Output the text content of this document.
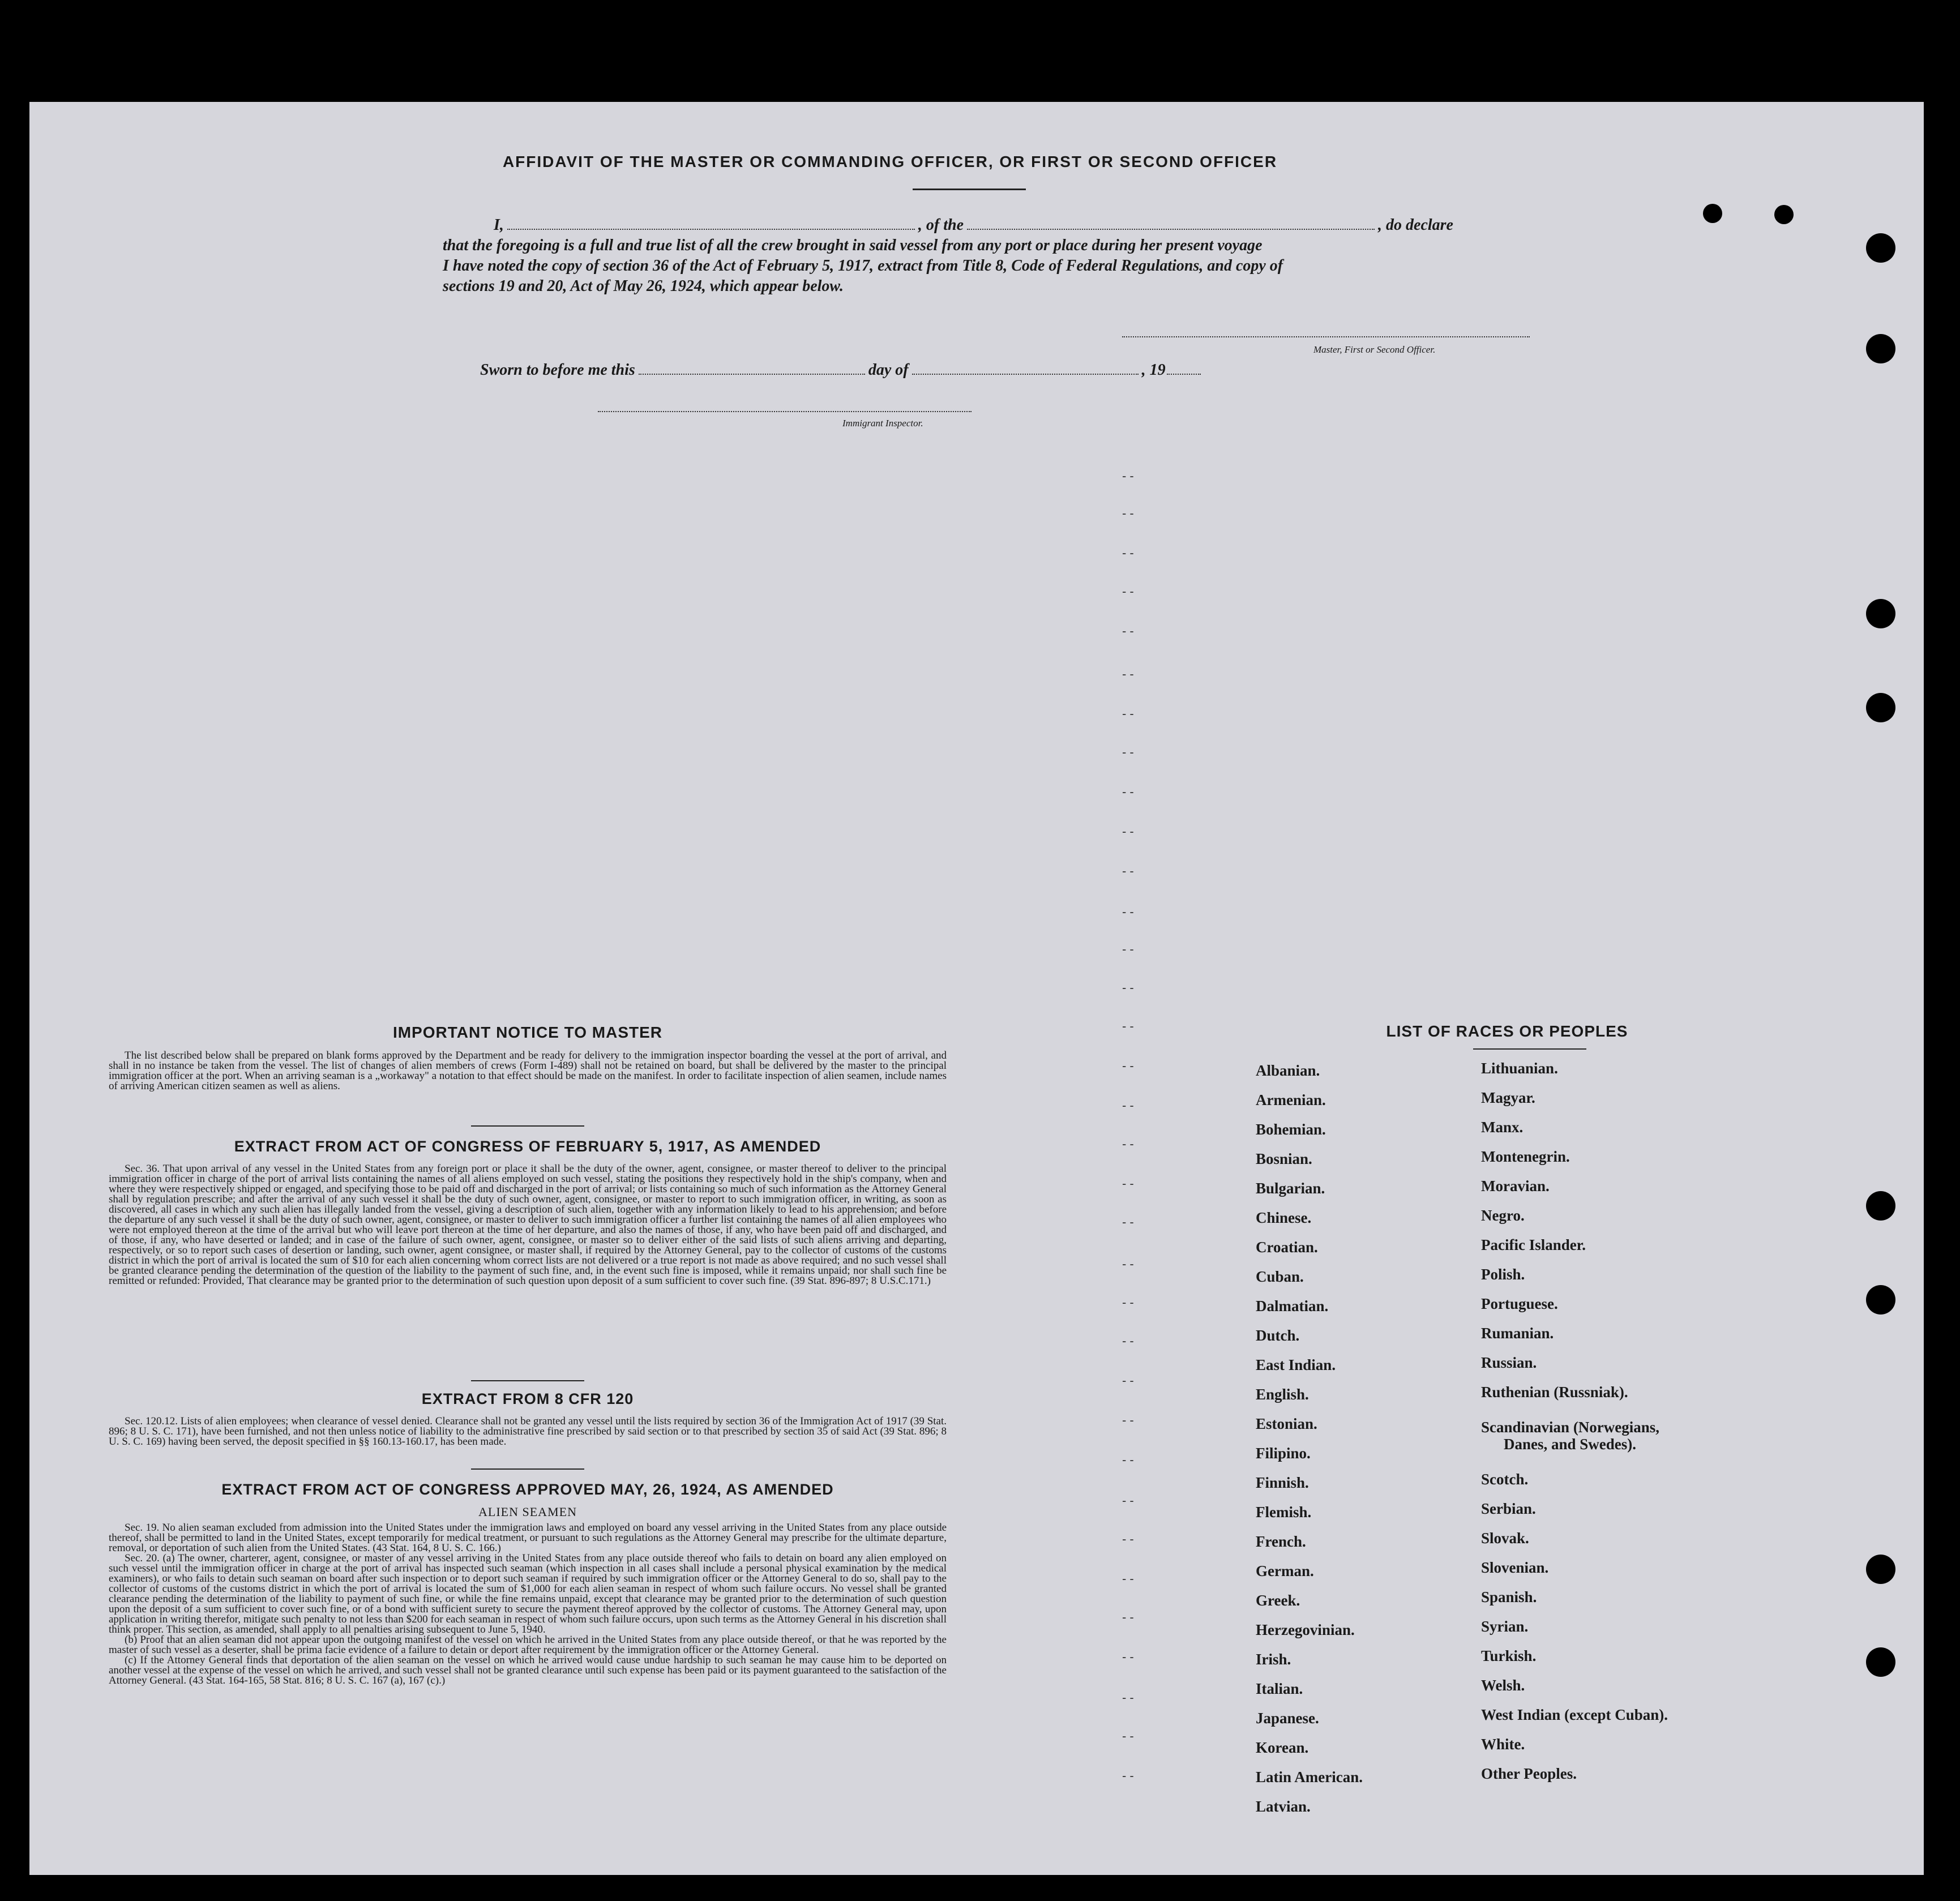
AFFIDAVIT OF THE MASTER OR COMMANDING OFFICER, OR FIRST OR SECOND OFFICER
I,	, of the	, do declare
that the foregoing is a full and true list of all the crew brought in said vessel from any port or place during her present voyage
I have noted the copy of section 36 of the Act of February 5, 1917, extract from Title 8, Code of Federal Regulations, and copy of
sections 19 and 20, Act of May 26, 1924, which appear below.
Master, First or Second Officer.
Sworn to before me this	day of	, 19
Immigrant Inspector.
--
--
--
--
--
--
--
--
--
--
--
--
--
--
--
--
--
--
--
--
--
--
--
--
--
--
--
--
--
--
--
--
--
--
IMPORTANT NOTICE TO MASTER

The list described below shall be prepared on blank forms approved by the Department and be ready for delivery to the immigration inspector boarding the vessel at the port of arrival, and shall in no instance be taken from the vessel. The list of changes of alien members of crews (Form I-489) shall not be retained on board, but shall be delivered by the master to the principal immigration officer at the port. When an arriving seaman is a „workaway" a notation to that effect should be made on the manifest. In order to facilitate inspection of alien seamen, include names of arriving American citizen seamen as well as aliens.

EXTRACT FROM ACT OF CONGRESS OF FEBRUARY 5, 1917, AS AMENDED

Sec. 36. That upon arrival of any vessel in the United States from any foreign port or place it shall be the duty of the owner, agent, consignee, or master thereof to deliver to the principal immigration officer in charge of the port of arrival lists containing the names of all aliens employed on such vessel, stating the positions they respectively hold in the ship's company, when and where they were respectively shipped or engaged, and specifying those to be paid off and discharged in the port of arrival; or lists containing so much of such information as the Attorney General shall by regulation prescribe; and after the arrival of any such vessel it shall be the duty of such owner, agent, consignee, or master to report to such immigration officer, in writing, as soon as discovered, all cases in which any such alien has illegally landed from the vessel, giving a description of such alien, together with any information likely to lead to his apprehension; and before the departure of any such vessel it shall be the duty of such owner, agent, consignee, or master to deliver to such immigration officer a further list containing the names of all alien employees who were not employed thereon at the time of the arrival but who will leave port thereon at the time of her departure, and also the names of those, if any, who have been paid off and discharged, and of those, if any, who have deserted or landed; and in case of the failure of such owner, agent, consignee, or master so to deliver either of the said lists of such aliens arriving and departing, respectively, or so to report such cases of desertion or landing, such owner, agent consignee, or master shall, if required by the Attorney General, pay to the collector of customs of the customs district in which the port of arrival is located the sum of $10 for each alien concerning whom correct lists are not delivered or a true report is not made as above required; and no such vessel shall be granted clearance pending the determination of the question of the liability to the payment of such fine, and, in the event such fine is imposed, while it remains unpaid; nor shall such fine be remitted or refunded: Provided, That clearance may be granted prior to the determination of such question upon deposit of a sum sufficient to cover such fine. (39 Stat. 896-897; 8 U.S.C.171.)

EXTRACT FROM 8 CFR 120

Sec. 120.12. Lists of alien employees; when clearance of vessel denied. Clearance shall not be granted any vessel until the lists required by section 36 of the Immigration Act of 1917 (39 Stat. 896; 8 U. S. C. 171), have been furnished, and not then unless notice of liability to the administrative fine prescribed by said section or to that prescribed by section 35 of said Act (39 Stat. 896; 8 U. S. C. 169) having been served, the deposit specified in §§ 160.13-160.17, has been made.

EXTRACT FROM ACT OF CONGRESS APPROVED MAY, 26, 1924, AS AMENDED
ALIEN SEAMEN

Sec. 19. No alien seaman excluded from admission into the United States under the immigration laws and employed on board any vessel arriving in the United States from any place outside thereof, shall be permitted to land in the United States, except temporarily for medical treatment, or pursuant to such regulations as the Attorney General may prescribe for the ultimate departure, removal, or deportation of such alien from the United States. (43 Stat. 164, 8 U. S. C. 166.)

Sec. 20. (a) The owner, charterer, agent, consignee, or master of any vessel arriving in the United States from any place outside thereof who fails to detain on board any alien employed on such vessel until the immigration officer in charge at the port of arrival has inspected such seaman (which inspection in all cases shall include a personal physical examination by the medical examiners), or who fails to detain such seaman on board after such inspection or to deport such seaman if required by such immigration officer or the Attorney General to do so, shall pay to the collector of customs of the customs district in which the port of arrival is located the sum of $1,000 for each alien seaman in respect of whom such failure occurs. No vessel shall be granted clearance pending the determination of the liability to payment of such fine, or while the fine remains unpaid, except that clearance may be granted prior to the determination of such question upon the deposit of a sum sufficient to cover such fine, or of a bond with sufficient surety to secure the payment thereof approved by the collector of customs. The Attorney General may, upon application in writing therefor, mitigate such penalty to not less than $200 for each seaman in respect of whom such failure occurs, upon such terms as the Attorney General in his discretion shall think proper. This section, as amended, shall apply to all penalties arising subsequent to June 5, 1940.

(b) Proof that an alien seaman did not appear upon the outgoing manifest of the vessel on which he arrived in the United States from any place outside thereof, or that he was reported by the master of such vessel as a deserter, shall be prima facie evidence of a failure to detain or deport after requirement by the immigration officer or the Attorney General.

(c) If the Attorney General finds that deportation of the alien seaman on the vessel on which he arrived would cause undue hardship to such seaman he may cause him to be deported on another vessel at the expense of the vessel on which he arrived, and such vessel shall not be granted clearance until such expense has been paid or its payment guaranteed to the satisfaction of the Attorney General. (43 Stat. 164-165, 58 Stat. 816; 8 U. S. C. 167 (a), 167 (c).)

LIST OF RACES OR PEOPLES
Albanian.
Armenian.
Bohemian.
Bosnian.
Bulgarian.
Chinese.
Croatian.
Cuban.
Dalmatian.
Dutch.
East Indian.
English.
Estonian.
Filipino.
Finnish.
Flemish.
French.
German.
Greek.
Herzegovinian.
Irish.
Italian.
Japanese.
Korean.
Latin American.
Latvian.
Lithuanian.
Magyar.
Manx.
Montenegrin.
Moravian.
Negro.
Pacific Islander.
Polish.
Portuguese.
Rumanian.
Russian.
Ruthenian (Russniak).
Scandinavian (Norwegians,
Danes, and Swedes).
Scotch.
Serbian.
Slovak.
Slovenian.
Spanish.
Syrian.
Turkish.
Welsh.
West Indian (except Cuban).
White.
Other Peoples.
